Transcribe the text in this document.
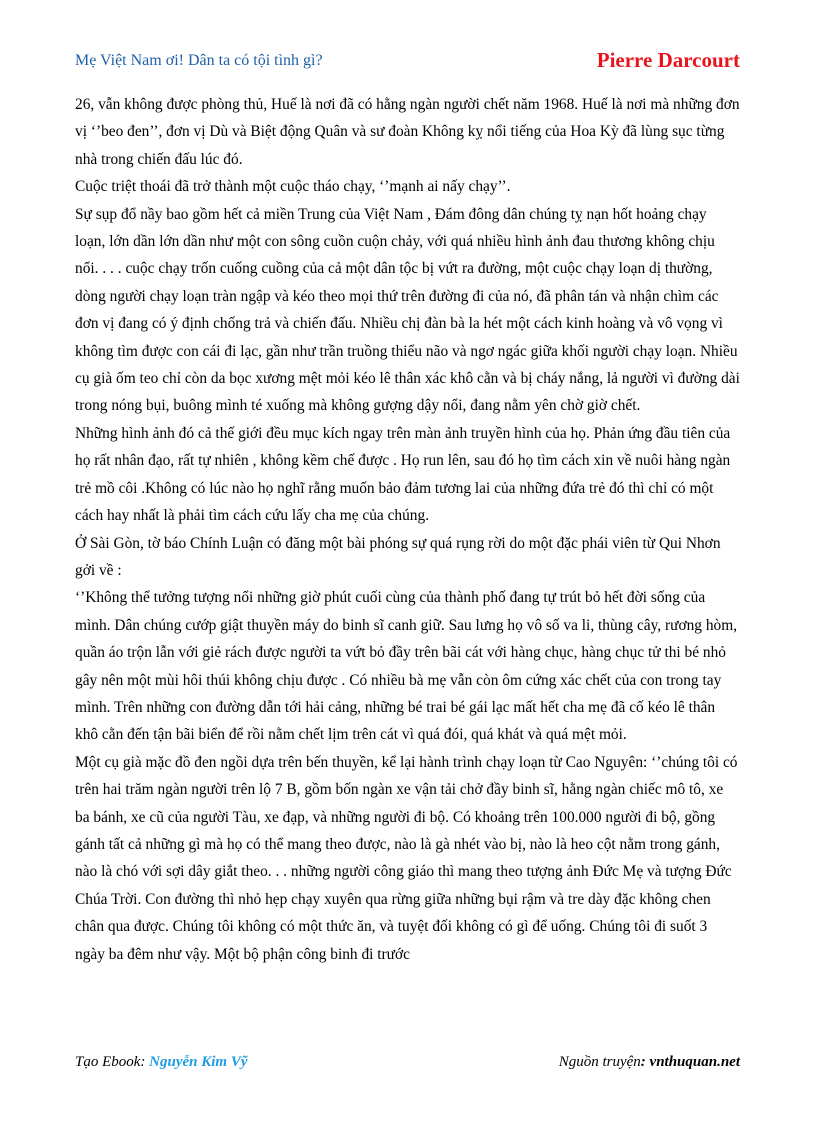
Mẹ Việt Nam ơi! Dân ta có tội tình gì?	Pierre Darcourt

26, vẫn không được phòng thủ, Huế là nơi đã có hằng ngàn người chết năm 1968. Huế là nơi mà những đơn vị ‘’beo đen’’, đơn vị Dù và Biệt động Quân và sư đoàn Không kỵ nổi tiếng của Hoa Kỳ đã lùng sục từng nhà trong chiến đấu lúc đó.

Cuộc triệt thoái đã trở thành một cuộc tháo chạy, ‘’mạnh ai nấy chạy’’.

Sự sụp đổ nầy bao gồm hết cả miền Trung của Việt Nam , Đám đông dân chúng tỵ nạn hốt hoảng chạy loạn, lớn dần lớn dần như một con sông cuồn cuộn chảy, với quá nhiều hình ảnh đau thương không chịu nổi. . . . cuộc chạy trốn cuống cuồng của cả một dân tộc bị vứt ra đường, một cuộc chạy loạn dị thường, dòng người chạy loạn tràn ngập và kéo theo mọi thứ trên đường đi của nó, đã phân tán và nhận chìm các đơn vị đang có ý định chống trả và chiến đấu. Nhiều chị đàn bà la hét một cách kinh hoàng và vô vọng vì không tìm được con cái đi lạc, gần như trần truồng thiểu não và ngơ ngác giữa khối người chạy loạn. Nhiều cụ già ốm teo chỉ còn da bọc xương mệt mỏi kéo lê thân xác khô cằn và bị cháy nắng, lả người vì đường dài trong nóng bụi, buông mình té xuống mà không gượng dậy nổi, đang nằm yên chờ giờ chết.

Những hình ảnh đó cả thế giới đều mục kích ngay trên màn ảnh truyền hình của họ. Phản ứng đầu tiên của họ rất nhân đạo, rất tự nhiên , không kềm chế được . Họ run lên, sau đó họ tìm cách xin về nuôi hàng ngàn trẻ mồ côi .Không có lúc nào họ nghĩ rằng muốn bảo đảm tương lai của những đứa trẻ đó thì chỉ có một cách hay nhất là phải tìm cách cứu lấy cha mẹ của chúng.

Ở Sài Gòn, tờ báo Chính Luận có đăng một bài phóng sự quá rụng rời do một đặc phái viên từ Qui Nhơn gởi về :

‘’Không thể tưởng tượng nổi những giờ phút cuối cùng của thành phố đang tự trút bỏ hết đời sống của mình. Dân chúng cướp giật thuyền máy do binh sĩ canh giữ. Sau lưng họ vô số va li, thùng cây, rương hòm, quần áo trộn lẫn với giẻ rách được người ta vứt bỏ đầy trên bãi cát với hàng chục, hàng chục tử thi bé nhỏ gây nên một mùi hôi thúi không chịu được . Có nhiều bà mẹ vẫn còn ôm cứng xác chết của con trong tay mình. Trên những con đường dẫn tới hải cảng, những bé trai bé gái lạc mất hết cha mẹ đã cố kéo lê thân khô cằn đến tận bãi biển để rồi nằm chết lịm trên cát vì quá đói, quá khát và quá mệt mỏi.

Một cụ già mặc đồ đen ngồi dựa trên bến thuyền, kể lại hành trình chạy loạn từ Cao Nguyên: ‘’chúng tôi có trên hai trăm ngàn người trên lộ 7 B, gồm bốn ngàn xe vận tải chở đầy binh sĩ, hằng ngàn chiếc mô tô, xe ba bánh, xe cũ của người Tàu, xe đạp, và những người đi bộ. Có khoảng trên 100.000 người đi bộ, gồng gánh tất cả những gì mà họ có thể mang theo được, nào là gà nhét vào bị, nào là heo cột nằm trong gánh, nào là chó với sợi dây giắt theo. . . những người công giáo thì mang theo tượng ảnh Đức Mẹ và tượng Đức Chúa Trời. Con đường thì nhỏ hẹp chạy xuyên qua rừng giữa những bụi rậm và tre dày đặc không chen chân qua được. Chúng tôi không có một thức ăn, và tuyệt đối không có gì để uống. Chúng tôi đi suốt 3 ngày ba đêm như vậy. Một bộ phận công binh đi trước

Tạo Ebook: Nguyễn Kim Vỹ	Nguồn truyện: vnthuquan.net
